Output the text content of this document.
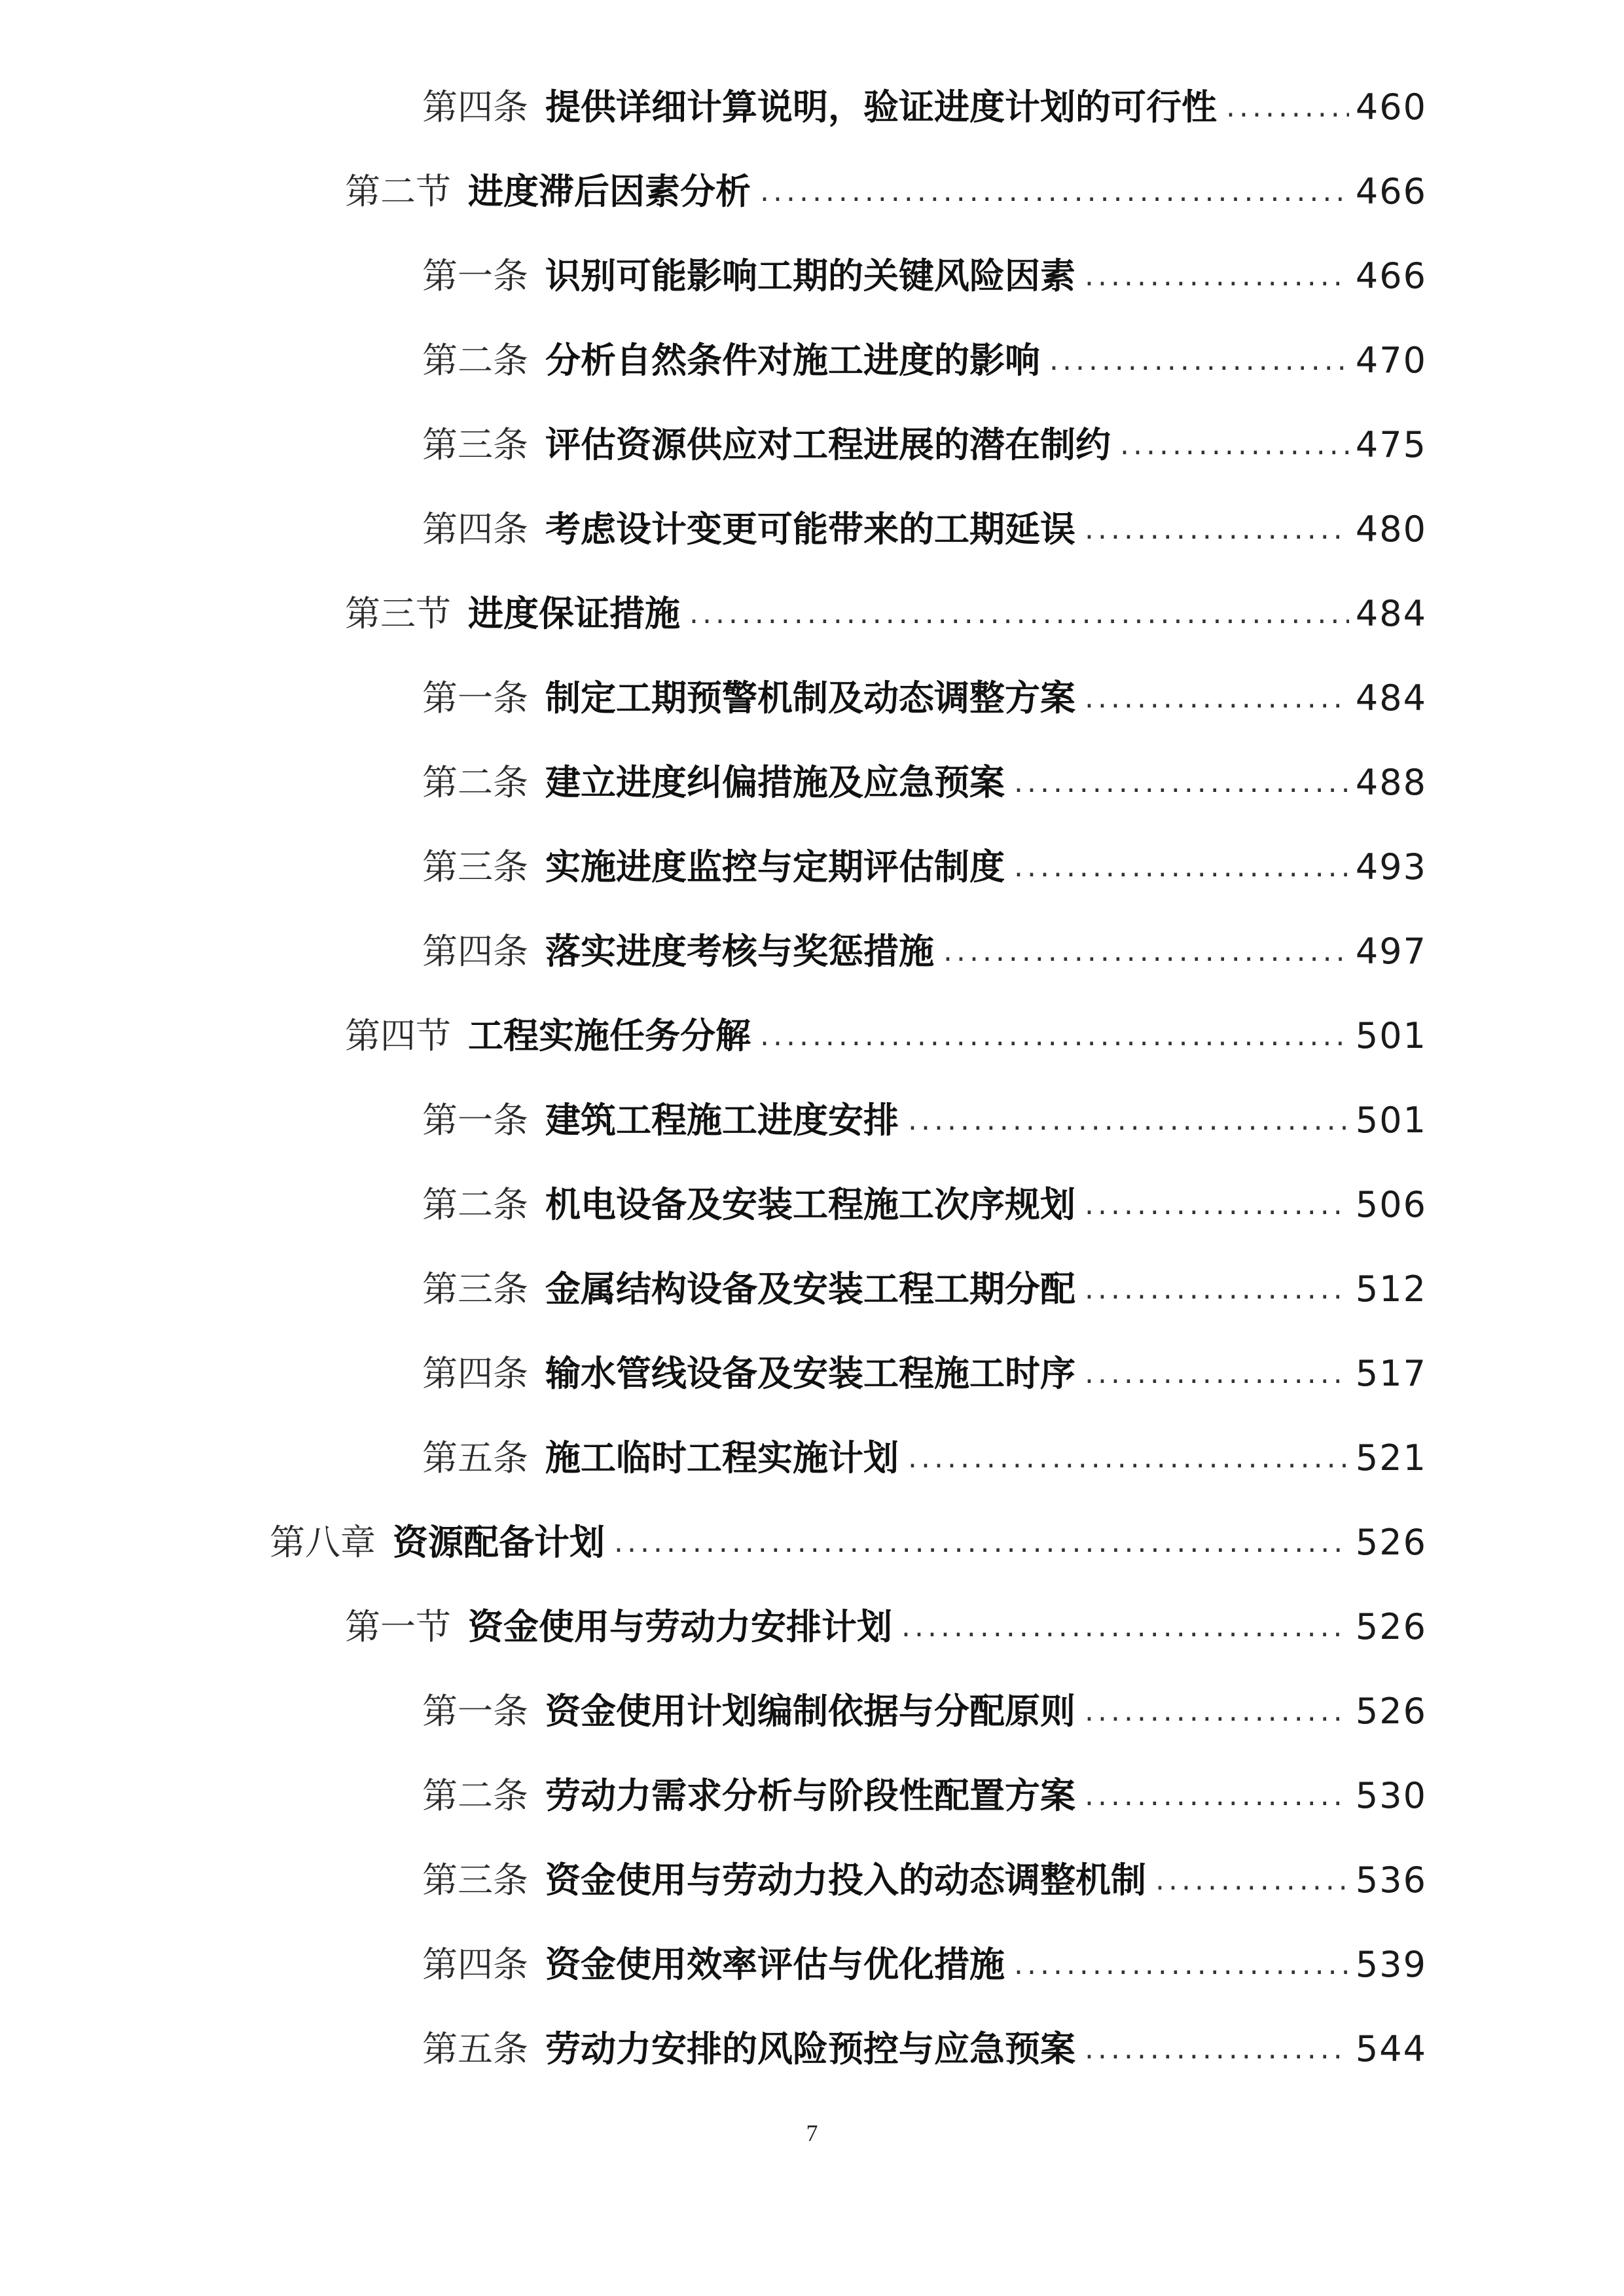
第四条 提供详细计算说明，验证进度计划的可行性 .....	460
第二节 进度滞后因素分析 .....	466
第一条 识别可能影响工期的关键风险因素 .....	466
第二条 分析自然条件对施工进度的影响 .....	470
第三条 评估资源供应对工程进展的潜在制约 .....	475
第四条 考虑设计变更可能带来的工期延误 .....	480
第三节 进度保证措施 .....	484
第一条 制定工期预警机制及动态调整方案 .....	484
第二条 建立进度纠偏措施及应急预案 .....	488
第三条 实施进度监控与定期评估制度 .....	493
第四条 落实进度考核与奖惩措施 .....	497
第四节 工程实施任务分解 .....	501
第一条 建筑工程施工进度安排 .....	501
第二条 机电设备及安装工程施工次序规划 .....	506
第三条 金属结构设备及安装工程工期分配 .....	512
第四条 输水管线设备及安装工程施工时序 .....	517
第五条 施工临时工程实施计划 .....	521
第八章 资源配备计划 .....	526
第一节 资金使用与劳动力安排计划 .....	526
第一条 资金使用计划编制依据与分配原则 .....	526
第二条 劳动力需求分析与阶段性配置方案 .....	530
第三条 资金使用与劳动力投入的动态调整机制 .....	536
第四条 资金使用效率评估与优化措施 .....	539
第五条 劳动力安排的风险预控与应急预案 .....	544
7
